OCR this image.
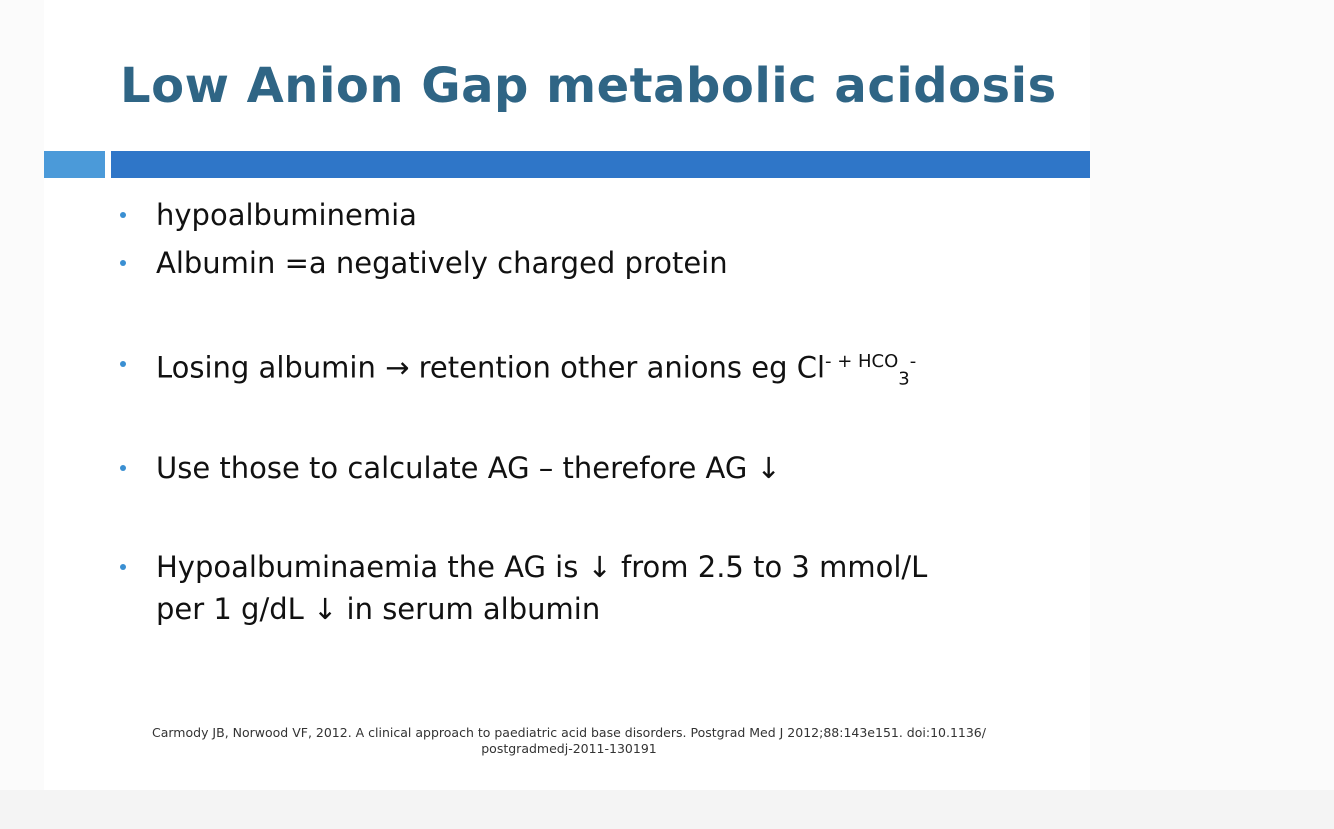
Low Anion Gap metabolic acidosis
hypoalbuminemia
Albumin =a negatively charged protein
Losing albumin → retention other anions eg Cl- $^{+ HCO}_3$-
Use those to calculate AG – therefore AG ↓
Hypoalbuminaemia the AG is ↓ from 2.5 to 3 mmol/L
per 1 g/dL ↓ in serum albumin
Carmody JB, Norwood VF, 2012. A clinical approach to paediatric acid base disorders. Postgrad Med J 2012;88:143e151. doi:10.1136/
postgradmedj-2011-130191
